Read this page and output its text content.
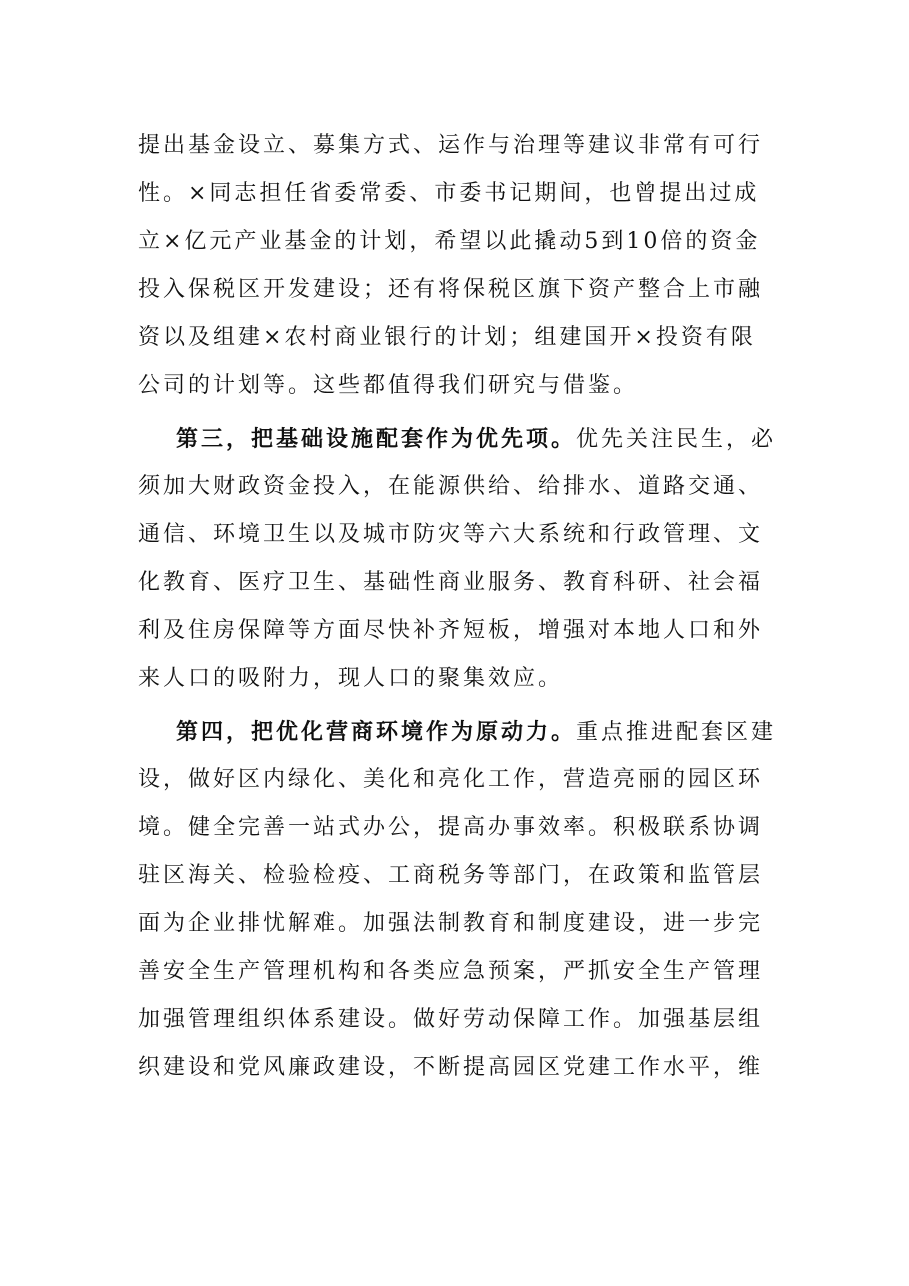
提出基金设立、募集方式、运作与治理等建议非常有可行
性。×同志担任省委常委、市委书记期间，也曾提出过成
立×亿元产业基金的计划，希望以此撬动5到10倍的资金
投入保税区开发建设；还有将保税区旗下资产整合上市融
资以及组建×农村商业银行的计划；组建国开×投资有限
公司的计划等。这些都值得我们研究与借鉴。
第三，把基础设施配套作为优先项。优先关注民生，必
须加大财政资金投入，在能源供给、给排水、道路交通、
通信、环境卫生以及城市防灾等六大系统和行政管理、文
化教育、医疗卫生、基础性商业服务、教育科研、社会福
利及住房保障等方面尽快补齐短板，增强对本地人口和外
来人口的吸附力，现人口的聚集效应。
第四，把优化营商环境作为原动力。重点推进配套区建
设，做好区内绿化、美化和亮化工作，营造亮丽的园区环
境。健全完善一站式办公，提高办事效率。积极联系协调
驻区海关、检验检疫、工商税务等部门，在政策和监管层
面为企业排忧解难。加强法制教育和制度建设，进一步完
善安全生产管理机构和各类应急预案，严抓安全生产管理
加强管理组织体系建设。做好劳动保障工作。加强基层组
织建设和党风廉政建设，不断提高园区党建工作水平，维
